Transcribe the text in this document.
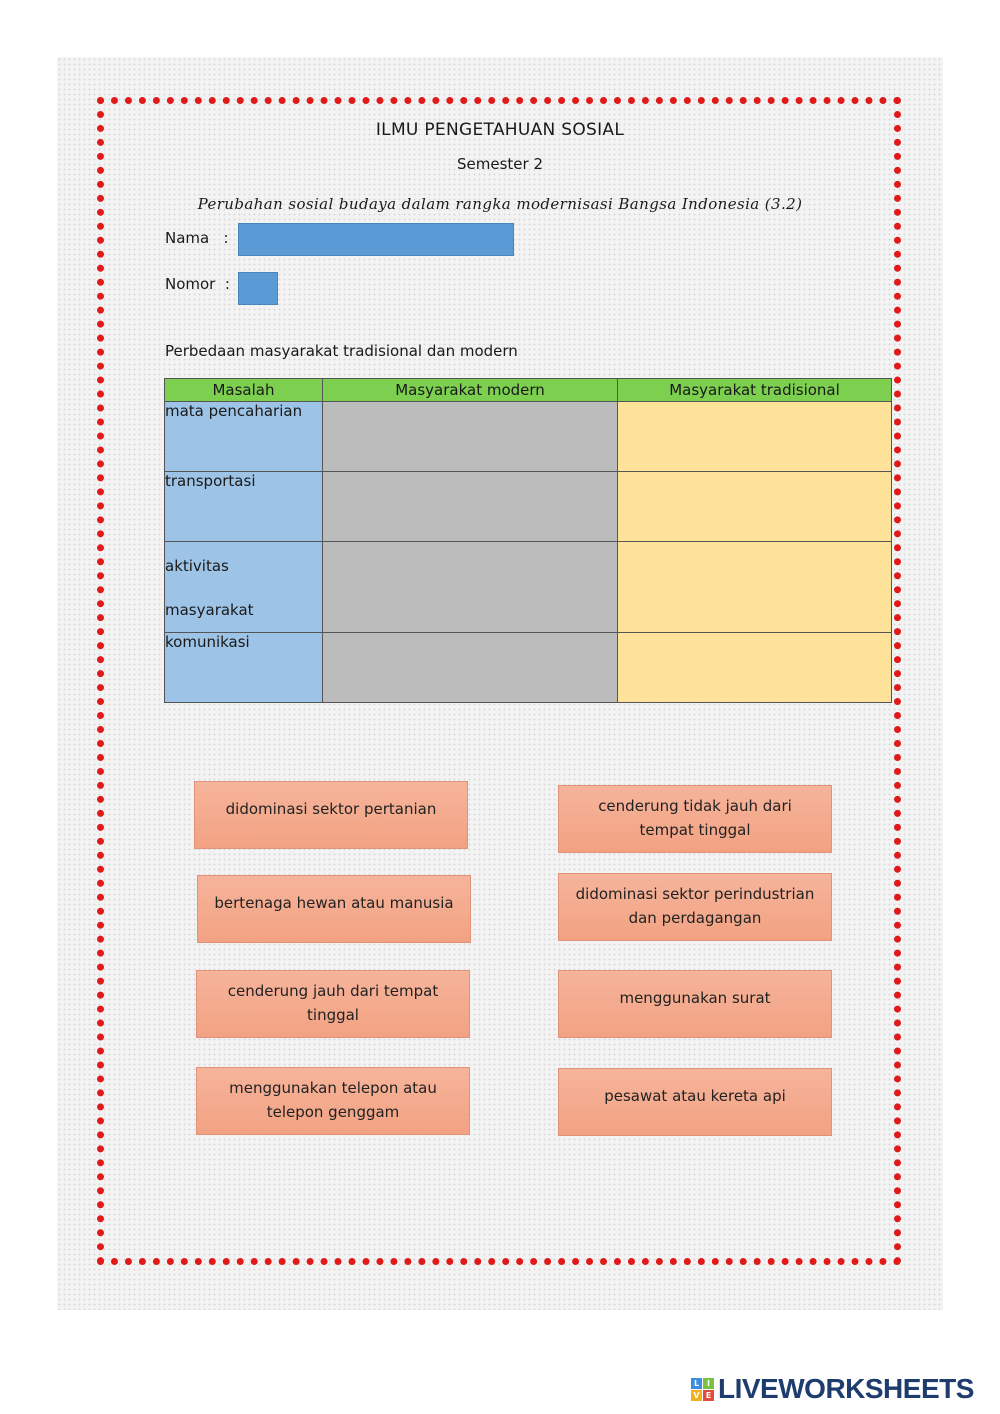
ILMU PENGETAHUAN SOSIAL
Semester 2
Perubahan sosial budaya dalam rangka modernisasi Bangsa Indonesia (3.2)
Nama   :
Nomor  :
Perbedaan masyarakat tradisional dan modern
Masalah	Masyarakat modern	Masyarakat tradisional
mata pencaharian		
transportasi		
aktivitas masyarakat		
komunikasi		
didominasi sektor pertanian	cenderung tidak jauh dari tempat tinggal
bertenaga hewan atau manusia	didominasi sektor perindustrian dan perdagangan
cenderung jauh dari tempat tinggal
menggunakan surat
menggunakan telepon atau telepon genggam
pesawat atau kereta api
L I
V E LIVEWORKSHEETS
